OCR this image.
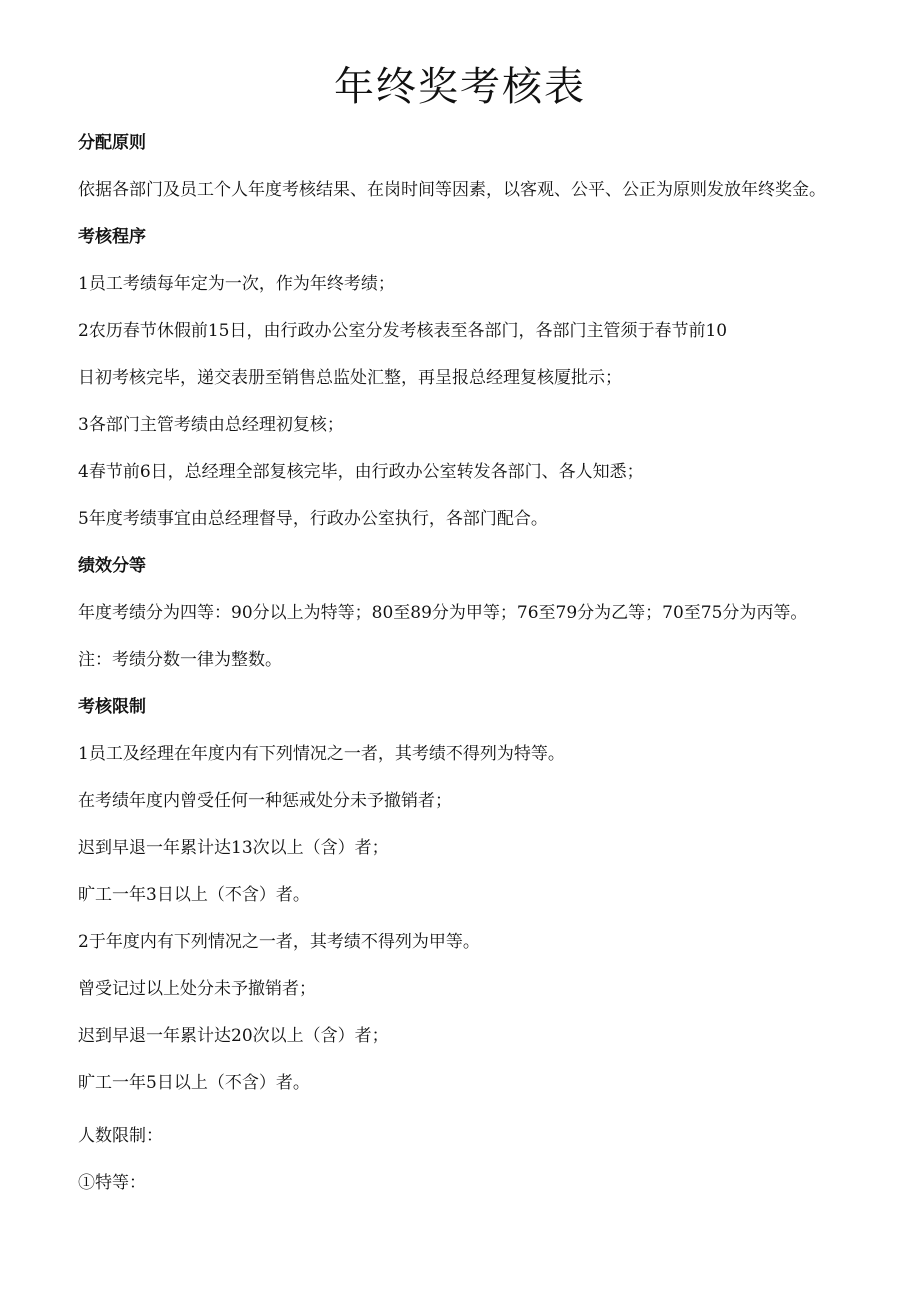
年终奖考核表
分配原则
依据各部门及员工个人年度考核结果、在岗时间等因素，以客观、公平、公正为原则发放年终奖金。
考核程序
1员工考绩每年定为一次，作为年终考绩；
2农历春节休假前15日，由行政办公室分发考核表至各部门，各部门主管须于春节前10
日初考核完毕，递交表册至销售总监处汇整，再呈报总经理复核厦批示；
3各部门主管考绩由总经理初复核；
4春节前6日，总经理全部复核完毕，由行政办公室转发各部门、各人知悉；
5年度考绩事宜由总经理督导，行政办公室执行，各部门配合。
绩效分等
年度考绩分为四等：90分以上为特等；80至89分为甲等；76至79分为乙等；70至75分为丙等。
注：考绩分数一律为整数。
考核限制
1员工及经理在年度内有下列情况之一者，其考绩不得列为特等。
在考绩年度内曾受任何一种惩戒处分未予撤销者；
迟到早退一年累计达13次以上（含）者；
旷工一年3日以上（不含）者。
2于年度内有下列情况之一者，其考绩不得列为甲等。
曾受记过以上处分未予撤销者；
迟到早退一年累计达20次以上（含）者；
旷工一年5日以上（不含）者。
人数限制：
①特等：
